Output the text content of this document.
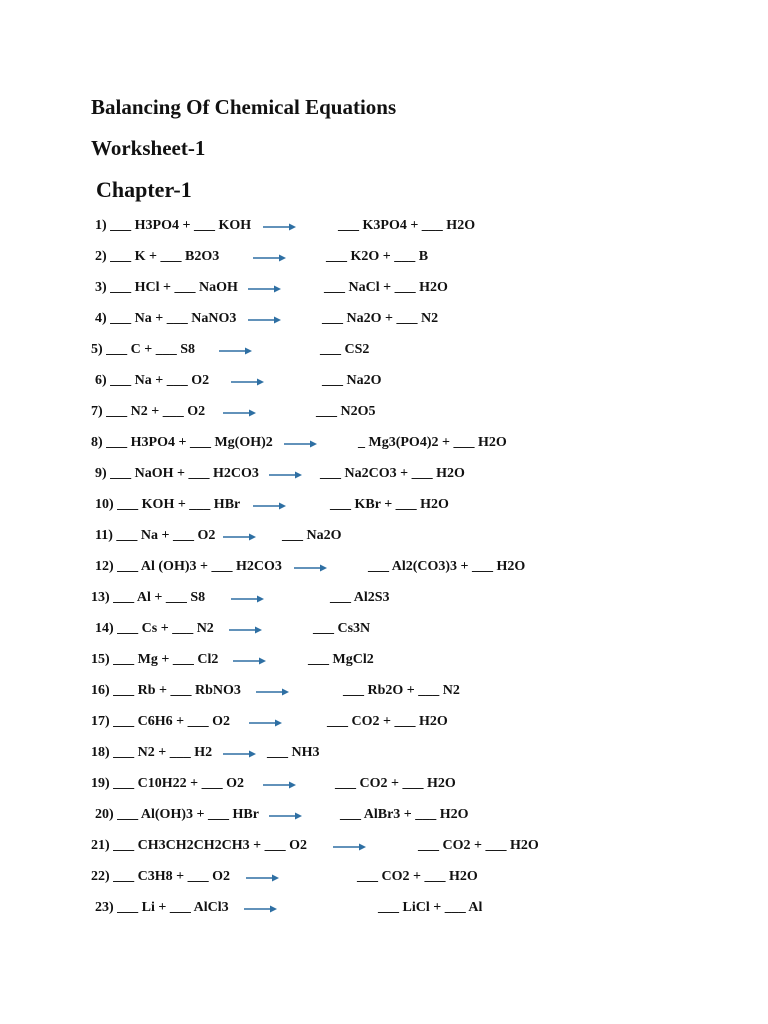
Balancing Of Chemical Equations
Worksheet-1
Chapter-1
1) ___ H3PO4 + ___ KOH →	___ K3PO4 + ___ H2O
2) ___ K + ___ B2O3	___ K2O + ___ B
3) ___ HCl + ___ NaOH →	___ NaCl + ___ H2O
4) ___ Na + ___ NaNO3 →	___ Na2O + ___ N2
5) ___ C + ___ S8	___ CS2
6) ___ Na + ___ O2 →	___ Na2O
7) ___ N2 + ___ O2 →	___ N2O5
8) ___ H3PO4 + ___ Mg(OH)2 →	_ Mg3(PO4)2 + ___ H2O
9) ___ NaOH + ___ H2CO3 → ___ Na2CO3 + ___ H2O
10) ___ KOH + ___ HBr →	___ KBr + ___ H2O
11) ___ Na + ___ O2 → ___ Na2O
12) ___ Al (OH)3 + ___ H2CO3 →	___ Al2(CO3)3 + ___ H2O
13) ___ Al + ___ S8	___ Al2S3
14) ___ Cs + ___ N2 →	___ Cs3N
15) ___ Mg + ___ Cl2 →	___ MgCl2
16) ___ Rb + ___ RbNO3 →	___ Rb2O + ___ N2
17) ___ C6H6 + ___ O2 →	___ CO2 + ___ H2O
18) ___ N2 + ___ H2 → ___ NH3
19) ___ C10H22 + ___ O2 →	___ CO2 + ___ H2O
20) ___ Al(OH)3 + ___ HBr →	___ AlBr3 + ___ H2O
21) ___ CH3CH2CH2CH3 + ___ O2	___ CO2 + ___ H2O
22) ___ C3H8 + ___ O2 →	___ CO2 + ___ H2O
23) ___ Li + ___ AlCl3 →	___ LiCl + ___ Al
